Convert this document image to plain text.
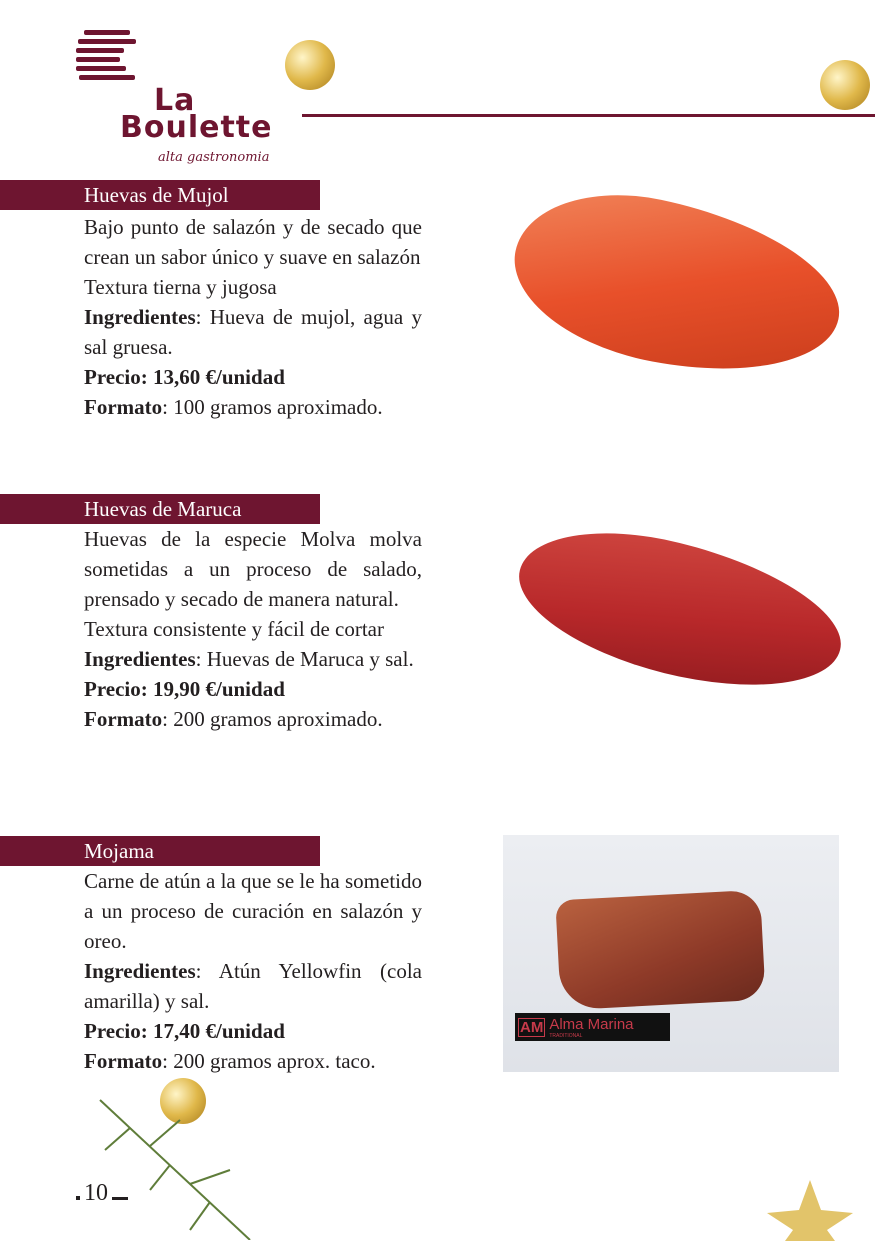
La
Boulette
alta gastronomia
Huevas de Mujol

Bajo punto de salazón y de secado que crean un sabor único y suave en salazón

Textura tierna y jugosa

Ingredientes: Hueva de mujol, agua y sal gruesa.

Precio: 13,60 €/unidad

Formato: 100 gramos aproximado.

Huevas de Maruca

Huevas de la especie Molva molva sometidas a un proceso de salado, prensado y secado de manera natural.

Textura consistente y fácil de cortar

Ingredientes: Huevas de Maruca y sal.

Precio: 19,90 €/unidad

Formato: 200 gramos aproximado.

Mojama

Carne de atún a la que se le ha sometido a un proceso de curación en salazón y oreo.

Ingredientes: Atún Yellowfin (cola amarilla) y sal.

Precio: 17,40 €/unidad

Formato: 200 gramos aprox. taco.

AM Alma Marina
TRADITIONAL
10
